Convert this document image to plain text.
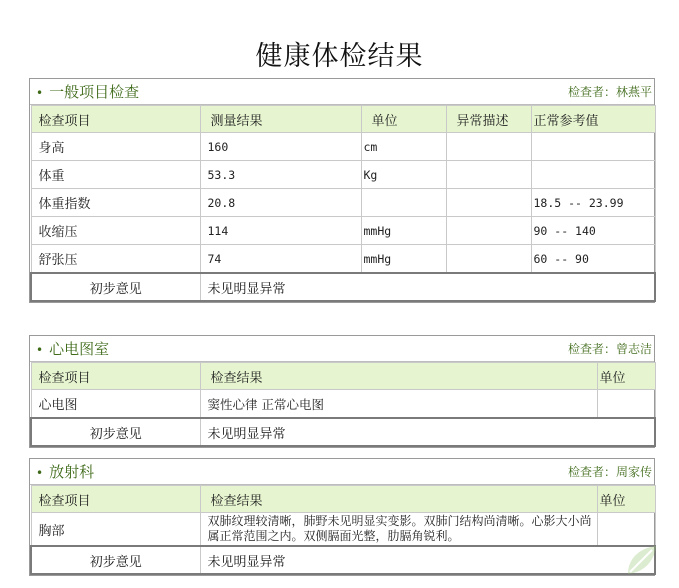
健康体检结果
• 一般项目检查	检查者：林燕平
检查项目	测量结果	单位	异常描述	正常参考值
身高	160	cm		
体重	53.3	Kg		
体重指数	20.8			18.5 -- 23.99
收缩压	114	mmHg		90 -- 140
舒张压	74	mmHg		60 -- 90
初步意见	未见明显异常			
• 心电图室	检查者：曾志洁
检查项目	检查结果	单位
心电图	窦性心律 正常心电图	
初步意见	未见明显异常	
• 放射科	检查者：周家传
检查项目	检查结果	单位
胸部	双肺纹理较清晰，肺野未见明显实变影。双肺门结构尚清晰。心影大小尚属正常范围之内。双侧膈面光整，肋膈角锐利。	
初步意见	未见明显异常	
